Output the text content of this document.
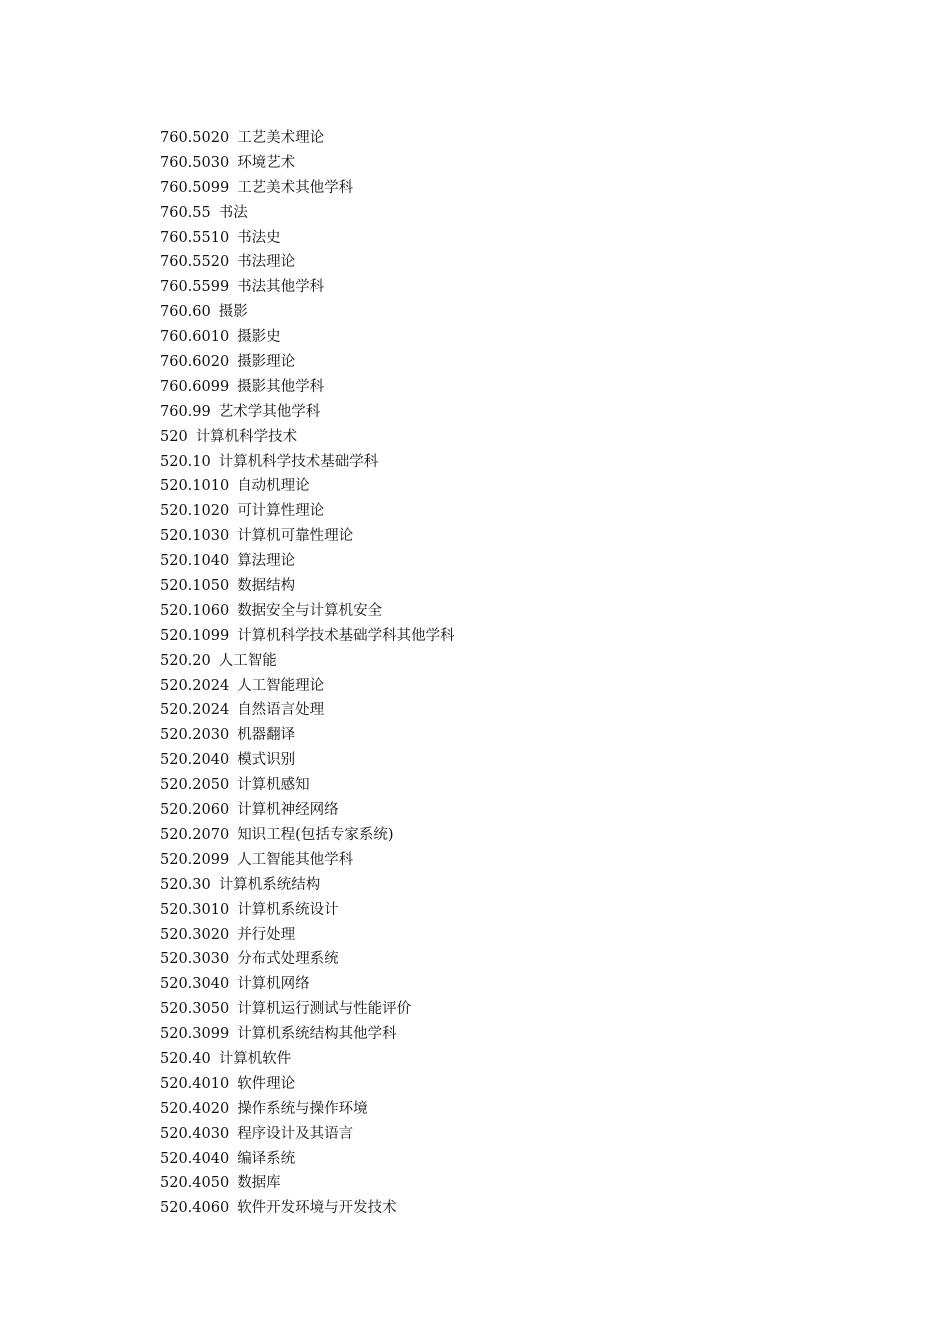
760.5020 工艺美术理论
760.5030 环境艺术
760.5099 工艺美术其他学科
760.55 书法
760.5510 书法史
760.5520 书法理论
760.5599 书法其他学科
760.60 摄影
760.6010 摄影史
760.6020 摄影理论
760.6099 摄影其他学科
760.99 艺术学其他学科
520 计算机科学技术
520.10 计算机科学技术基础学科
520.1010 自动机理论
520.1020 可计算性理论
520.1030 计算机可靠性理论
520.1040 算法理论
520.1050 数据结构
520.1060 数据安全与计算机安全
520.1099 计算机科学技术基础学科其他学科
520.20 人工智能
520.2024 人工智能理论
520.2024 自然语言处理
520.2030 机器翻译
520.2040 模式识别
520.2050 计算机感知
520.2060 计算机神经网络
520.2070 知识工程(包括专家系统)
520.2099 人工智能其他学科
520.30 计算机系统结构
520.3010 计算机系统设计
520.3020 并行处理
520.3030 分布式处理系统
520.3040 计算机网络
520.3050 计算机运行测试与性能评价
520.3099 计算机系统结构其他学科
520.40 计算机软件
520.4010 软件理论
520.4020 操作系统与操作环境
520.4030 程序设计及其语言
520.4040 编译系统
520.4050 数据库
520.4060 软件开发环境与开发技术
